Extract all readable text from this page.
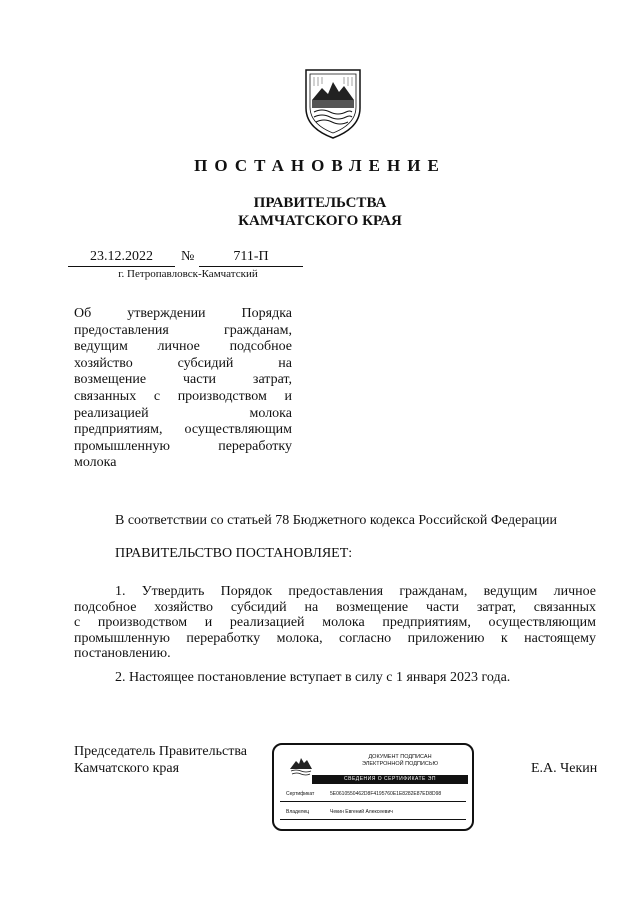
ПОСТАНОВЛЕНИЕ
ПРАВИТЕЛЬСТВА
КАМЧАТСКОГО КРАЯ
23.12.2022	№	711-П
г. Петропавловск-Камчатский
Об утверждении Порядка
предоставления гражданам,
ведущим личное подсобное
хозяйство субсидий на
возмещение части затрат,
связанных с производством и
реализацией молока
предприятиям, осуществляющим
промышленную переработку
молока
В соответствии со статьей 78 Бюджетного кодекса Российской Федерации
ПРАВИТЕЛЬСТВО ПОСТАНОВЛЯЕТ:
1. Утвердить Порядок предоставления гражданам, ведущим личное
подсобное хозяйство субсидий на возмещение части затрат, связанных
с производством и реализацией молока предприятиям, осуществляющим
промышленную переработку молока, согласно приложению к настоящему
постановлению.
2. Настоящее постановление вступает в силу с 1 января 2023 года.
Председатель Правительства
Камчатского края	Е.А. Чекин
ДОКУМЕНТ ПОДПИСАН
ЭЛЕКТРОННОЙ ПОДПИСЬЮ
СВЕДЕНИЯ О СЕРТИФИКАТЕ ЭП
Сертификат	5E0610550462D8F4195760E1E8282E87ED8D98
Владелец	Чекин Евгений Алексеевич
